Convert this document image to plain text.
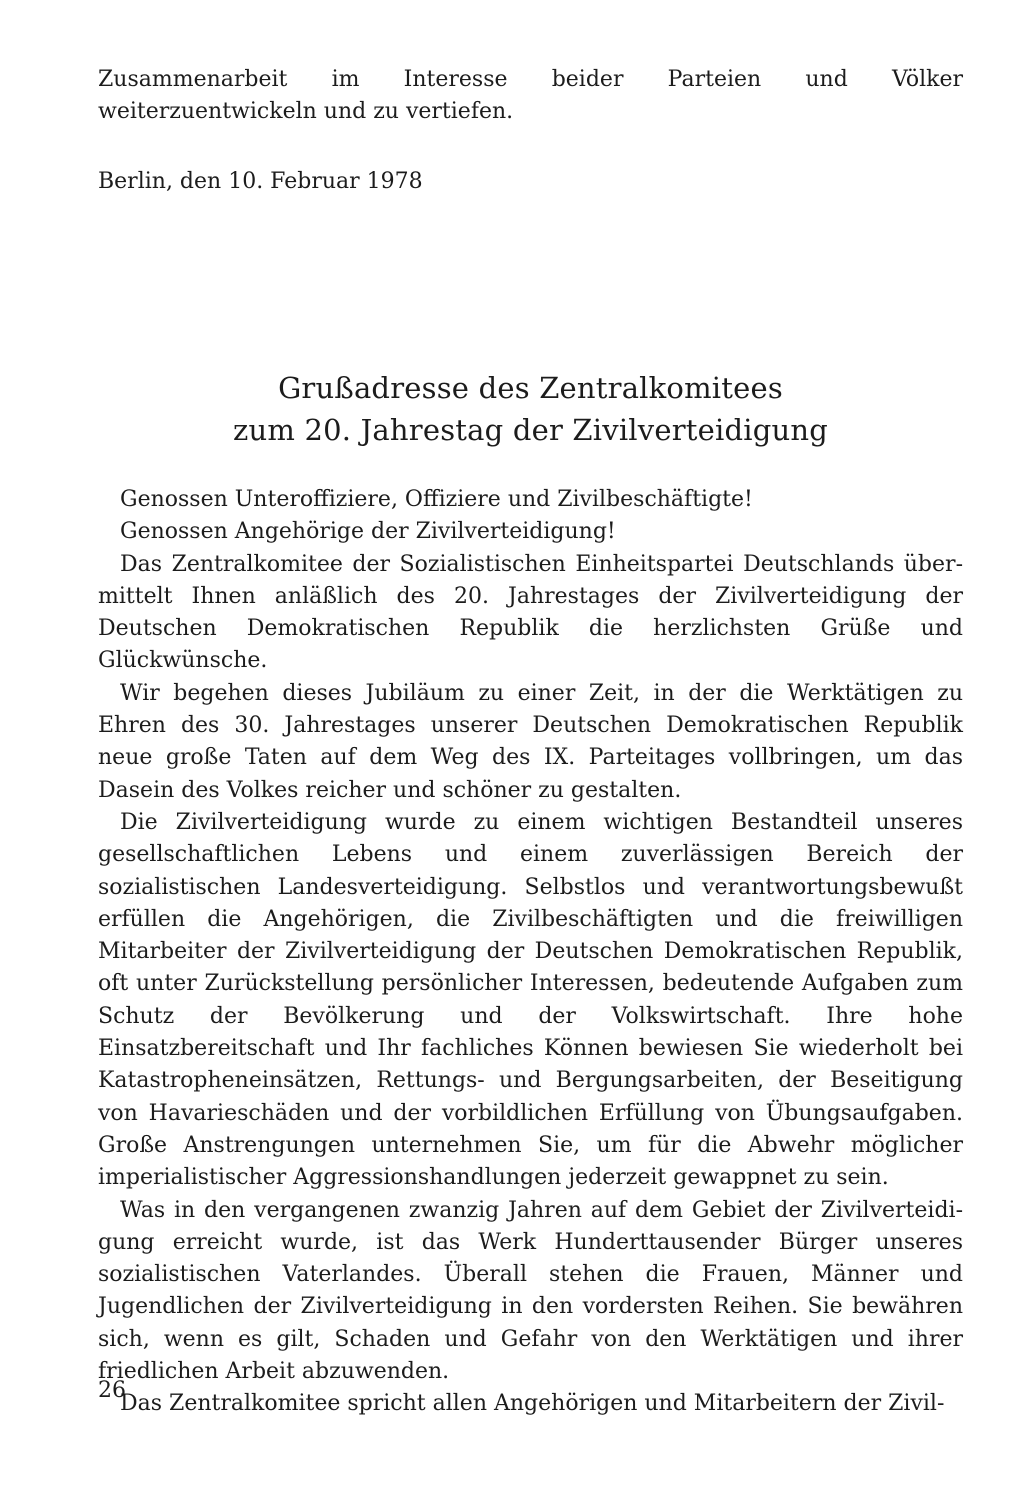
Zusammenarbeit im Interesse beider Parteien und Völker weiterzuentwickeln und zu vertiefen.

Berlin, den 10. Februar 1978
Grußadresse des Zentralkomitees
zum 20. Jahrestag der Zivilverteidigung

Genossen Unteroffiziere, Offiziere und Zivilbeschäftigte!

Genossen Angehörige der Zivilverteidigung!

Das Zentralkomitee der Sozialistischen Einheitspartei Deutschlands übermittelt Ihnen anläßlich des 20. Jahrestages der Zivilverteidigung der Deutschen Demokratischen Republik die herzlichsten Grüße und Glückwünsche.

Wir begehen dieses Jubiläum zu einer Zeit, in der die Werktätigen zu Ehren des 30. Jahrestages unserer Deutschen Demokratischen Republik neue große Taten auf dem Weg des IX. Parteitages vollbringen, um das Dasein des Volkes reicher und schöner zu gestalten.

Die Zivilverteidigung wurde zu einem wichtigen Bestandteil unseres gesellschaftlichen Lebens und einem zuverlässigen Bereich der sozialistischen Landesverteidigung. Selbstlos und verantwortungsbewußt erfüllen die Angehörigen, die Zivilbeschäftigten und die freiwilligen Mitarbeiter der Zivilverteidigung der Deutschen Demokratischen Republik, oft unter Zurückstellung persönlicher Interessen, bedeutende Aufgaben zum Schutz der Bevölkerung und der Volkswirtschaft. Ihre hohe Einsatzbereitschaft und Ihr fachliches Können bewiesen Sie wiederholt bei Katastropheneinsätzen, Rettungs- und Bergungsarbeiten, der Beseitigung von Havarieschäden und der vorbildlichen Erfüllung von Übungsaufgaben. Große Anstrengungen unternehmen Sie, um für die Abwehr möglicher imperialistischer Aggressionshandlungen jederzeit gewappnet zu sein.

Was in den vergangenen zwanzig Jahren auf dem Gebiet der Zivilverteidigung erreicht wurde, ist das Werk Hunderttausender Bürger unseres sozialistischen Vaterlandes. Überall stehen die Frauen, Männer und Jugendlichen der Zivilverteidigung in den vordersten Reihen. Sie bewähren sich, wenn es gilt, Schaden und Gefahr von den Werktätigen und ihrer friedlichen Arbeit abzuwenden.

Das Zentralkomitee spricht allen Angehörigen und Mitarbeitern der Zivil-

26
